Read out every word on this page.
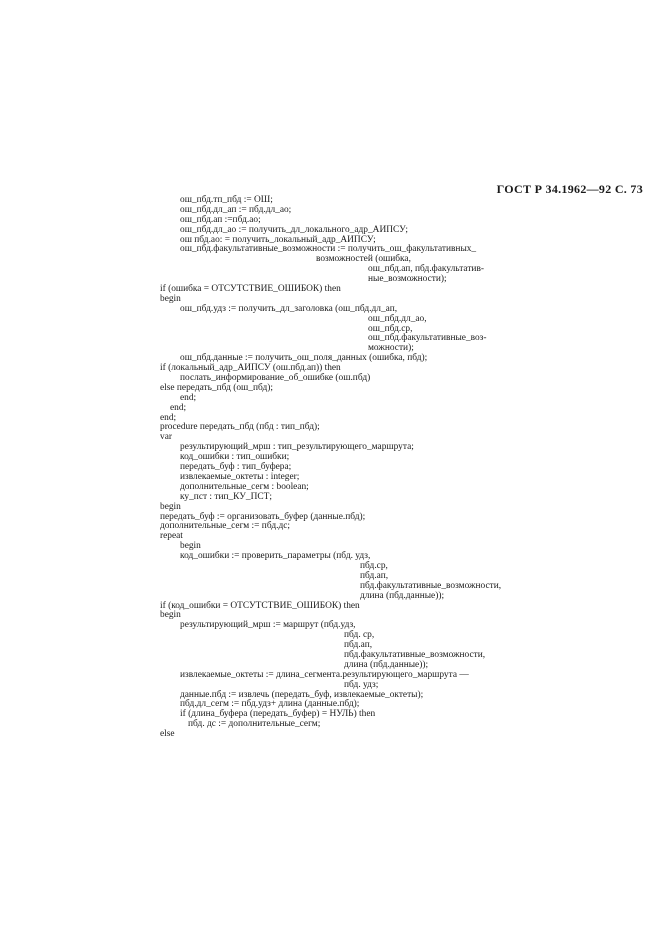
ГОСТ Р 34.1962—92 С. 73
ош_пбд.тп_пбд := ОШ;
ош_пбд.дл_ап := пбд.дл_ао;
ош_пбд.ап :=пбд.ао;
ош_пбд.дл_ао := получить_дл_локального_адр_АИПСУ;
ош пбд.ао: = получить_локальный_адр_АИПСУ;
ош_пбд.факультативные_возможности := получить_ош_факультативных_
возможностей (ошибка,
ош_пбд.ап, пбд.факультатив-
ные_возможности);
if (ошибка = ОТСУТСТВИЕ_ОШИБОК) then
begin
ош_пбд.удз := получить_дл_заголовка (ош_пбд.дл_ап,
ош_пбд.дл_ао,
ош_пбд.ср,
ош_пбд.факультативные_воз-
можности);
ош_пбд.данные := получить_ош_поля_данных (ошибка, пбд);
if (локальный_адр_АИПСУ (ош.пбд.ап)) then
послать_информирование_об_ошибке (ош.пбд)
else передать_пбд (ош_пбд);
end;
end;
end;
procedure передать_пбд (пбд : тип_пбд);
var
результирующий_мрш : тип_результирующего_маршрута;
код_ошибки : тип_ошибки;
передать_буф : тип_буфера;
извлекаемые_октеты : integer;
дополнительные_сегм : boolean;
ку_пст : тип_КУ_ПСТ;
begin
передать_буф := организовать_буфер (данные.пбд);
дополнительные_сегм := пбд.дс;
repeat
begin
код_ошибки := проверить_параметры (пбд. удз,
пбд.ср,
пбд.ап,
пбд.факультативные_возможности,
длина (пбд.данные));
if (код_ошибки = ОТСУТСТВИЕ_ОШИБОК) then
begin
результирующий_мрш := маршрут (пбд.удз,
пбд. ср,
пбд.ап,
пбд.факультативные_возможности,
длина (пбд.данные));
извлекаемые_октеты := длина_сегмента.результирующего_маршрута —
пбд. удз;
данные.пбд := извлечь (передать_буф, извлекаемые_октеты);
пбд.дл_сегм := пбд.удз+ длина (данные.пбд);
if (длина_буфера (передать_буфер) = НУЛЬ) then
пбд. дс := дополнительные_сегм;
else
